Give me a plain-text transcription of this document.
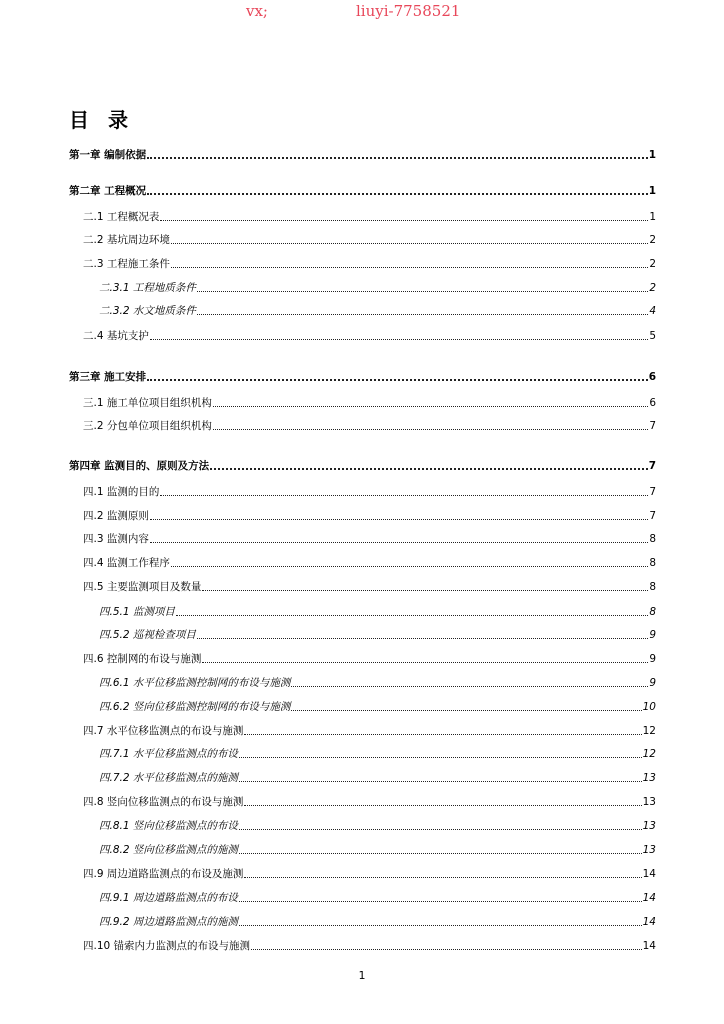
vx;	liuyi-7758521
目 录
第一章 编制依据	1
第二章 工程概况	1
二.1 工程概况表	1
二.2 基坑周边环境	2
二.3 工程施工条件	2
二.3.1 工程地质条件	2
二.3.2 水文地质条件	4
二.4 基坑支护	5
第三章 施工安排	6
三.1 施工单位项目组织机构	6
三.2 分包单位项目组织机构	7
第四章 监测目的、原则及方法	7
四.1 监测的目的	7
四.2 监测原则	7
四.3 监测内容	8
四.4 监测工作程序	8
四.5 主要监测项目及数量	8
四.5.1 监测项目	8
四.5.2 巡视检查项目	9
四.6 控制网的布设与施测	9
四.6.1 水平位移监测控制网的布设与施测	9
四.6.2 竖向位移监测控制网的布设与施测	10
四.7 水平位移监测点的布设与施测	12
四.7.1 水平位移监测点的布设	12
四.7.2 水平位移监测点的施测	13
四.8 竖向位移监测点的布设与施测	13
四.8.1 竖向位移监测点的布设	13
四.8.2 竖向位移监测点的施测	13
四.9 周边道路监测点的布设及施测	14
四.9.1 周边道路监测点的布设	14
四.9.2 周边道路监测点的施测	14
四.10 锚索内力监测点的布设与施测	14
1
